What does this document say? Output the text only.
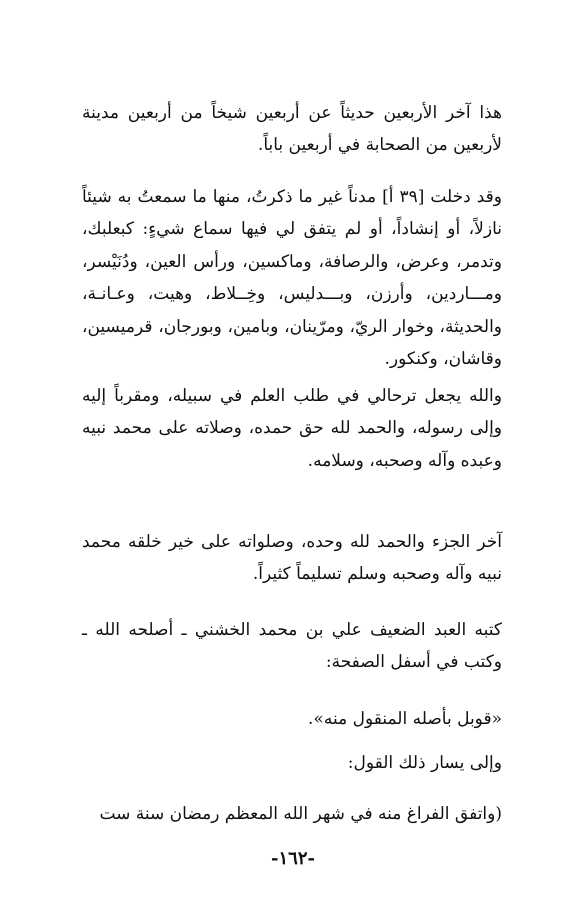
هذا آخر الأربعين حديثاً عن أربعين شيخاً من أربعين مدينة لأربعين من الصحابة في أربعين باباً.

وقد دخلت [٣٩ أ] مدناً غير ما ذكرتُ، منها ما سمعتُ به شيئاً نازلاً، أو إنشاداً، أو لم يتفق لي فيها سماع شيءٍ: كبعلبك، وتدمر، وعرض، والرصافة، وماكسين، ورأس العين، ودُنَيْسر، ومـــاردين، وأرزن، وبـــدليس، وخِــلاط، وهيت، وعـانـة، والحديثة، وخوار الريّ، ومرّينان، وبامين، وبورجان، قرميسين، وقاشان، وكنكور.

والله يجعل ترحالي في طلب العلم في سبيله، ومقرباً إليه وإلى رسوله، والحمد لله حق حمده، وصلاته على محمد نبيه وعبده وآله وصحبه، وسلامه.

آخر الجزء والحمد لله وحده، وصلواته على خير خلقه محمد نبيه وآله وصحبه وسلم تسليماً كثيراً.

كتبه العبد الضعيف علي بن محمد الخشني ـ أصلحه الله ـ وكتب في أسفل الصفحة:

«قوبل بأصله المنقول منه».

وإلى يسار ذلك القول:

(واتفق الفراغ منه في شهر الله المعظم رمضان سنة ست

-١٦٢-
